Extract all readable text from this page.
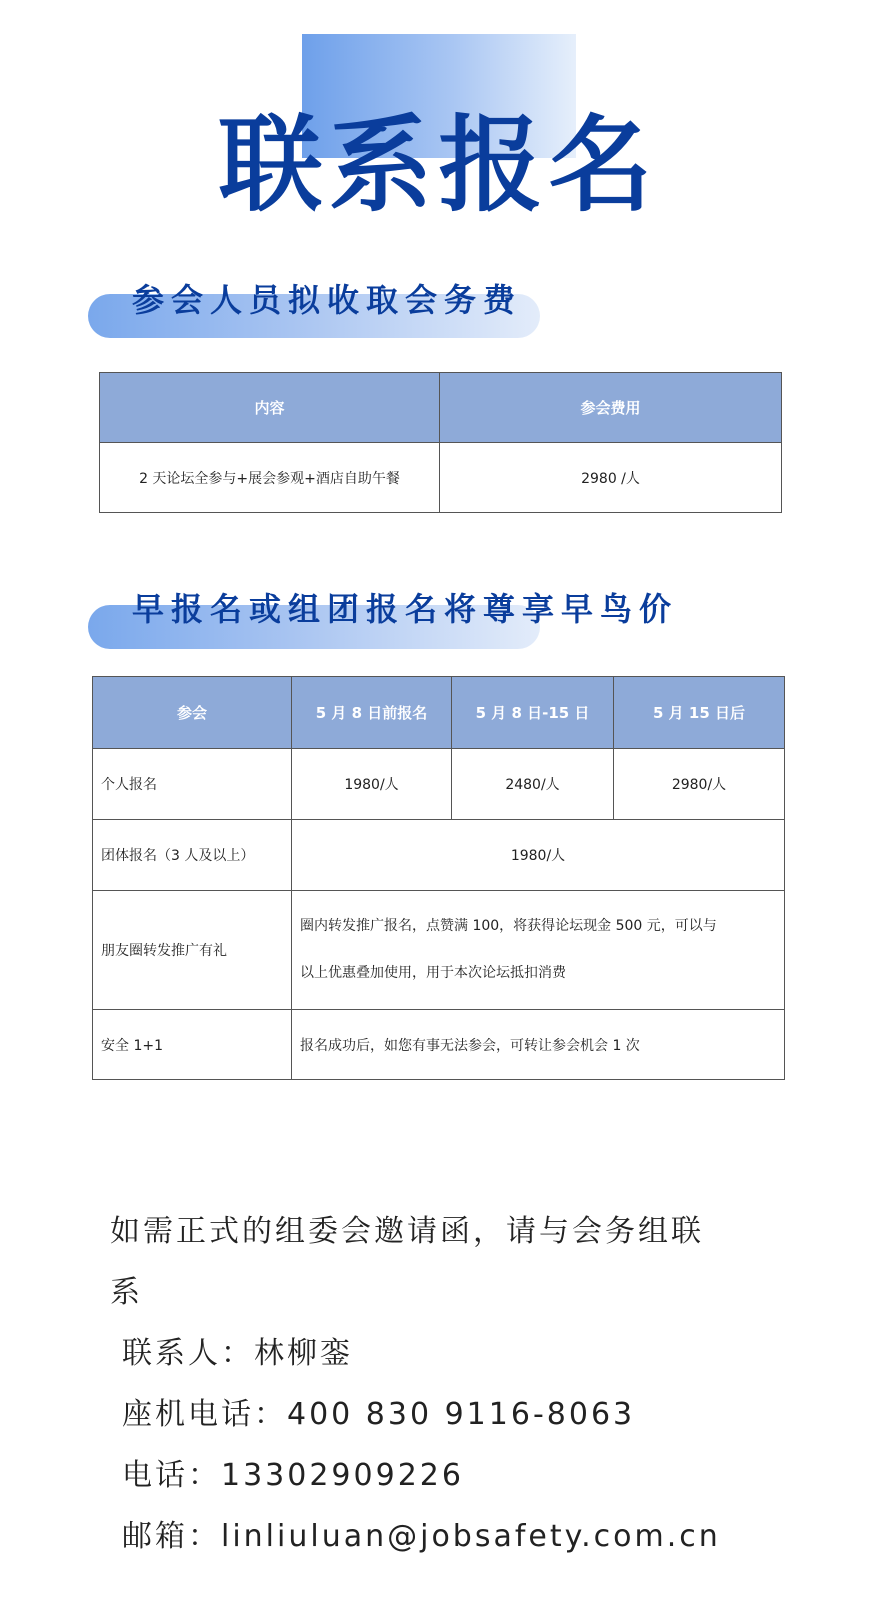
联系报名
参会人员拟收取会务费
内容	参会费用
2 天论坛全参与+展会参观+酒店自助午餐	2980 /人
早报名或组团报名将尊享早鸟价
参会	5 月 8 日前报名	5 月 8 日-15 日	5 月 15 日后
个人报名	1980/人	2480/人	2980/人
团体报名（3 人及以上）	1980/人		
朋友圈转发推广有礼	圈内转发推广报名，点赞满 100，将获得论坛现金 500 元，可以与
以上优惠叠加使用，用于本次论坛抵扣消费		

安全 1+1	报名成功后，如您有事无法参会，可转让参会机会 1 次		
如需正式的组委会邀请函，请与会务组联
系
联系人：林柳銮
座机电话：400 830 9116-8063
电话：13302909226
邮箱：linliuluan@jobsafety.com.cn
